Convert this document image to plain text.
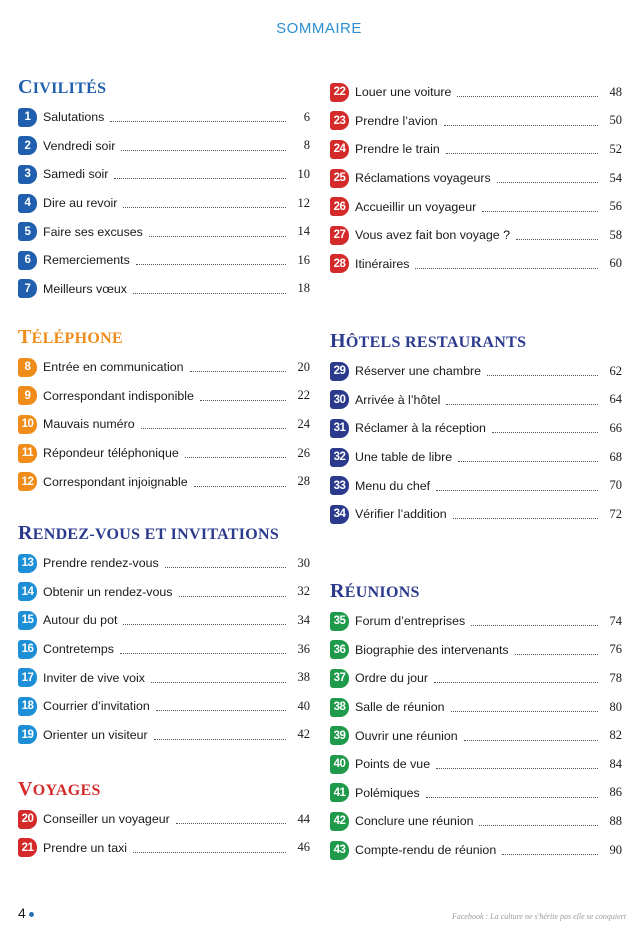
SOMMAIRE
CIVILITÉS
1	Salutations	6
2	Vendredi soir	8
3	Samedi soir	10
4	Dire au revoir	12
5	Faire ses excuses	14
6	Remerciements	16
7	Meilleurs vœux	18
TÉLÉPHONE
8	Entrée en communication	20
9	Correspondant indisponible	22
10 Mauvais numéro	24
11 Répondeur téléphonique	26
12 Correspondant injoignable	28
RENDEZ-VOUS ET INVITATIONS
13 Prendre rendez-vous	30
14 Obtenir un rendez-vous	32
15 Autour du pot	34
16 Contretemps	36
17 Inviter de vive voix	38
18 Courrier d’invitation	40
19 Orienter un visiteur	42
VOYAGES
20 Conseiller un voyageur	44
21 Prendre un taxi	46
22 Louer une voiture	48
23 Prendre l’avion	50
24 Prendre le train	52
25 Réclamations voyageurs	54
26 Accueillir un voyageur	56
27 Vous avez fait bon voyage ?	58
28 Itinéraires	60
HÔTELS RESTAURANTS
29 Réserver une chambre	62
30 Arrivée à l’hôtel	64
31 Réclamer à la réception	66
32 Une table de libre	68
33 Menu du chef	70
34 Vérifier l’addition	72
RÉUNIONS
35 Forum d’entreprises	74
36 Biographie des intervenants	76
37 Ordre du jour	78
38 Salle de réunion	80
39 Ouvrir une réunion	82
40 Points de vue	84
41 Polémiques	86
42 Conclure une réunion	88
43 Compte-rendu de réunion	90
4	Facebook : La culture ne s'hérite pas elle se conquiert
